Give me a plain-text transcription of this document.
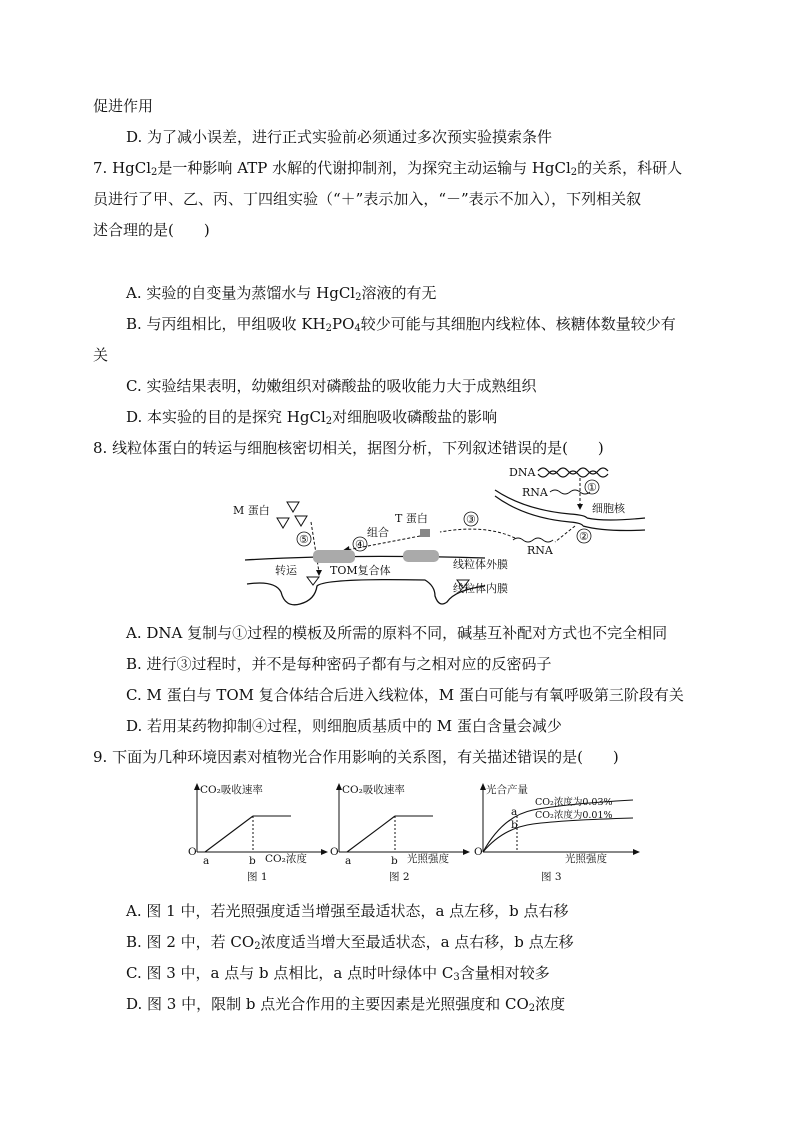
促进作用
D. 为了减小误差，进行正式实验前必须通过多次预实验摸索条件
7. HgCl$_2$是一种影响 ATP 水解的代谢抑制剂，为探究主动运输与 HgCl$_2$的关系，科研人
员进行了甲、乙、丙、丁四组实验（“＋”表示加入，“－”表示不加入），下列相关叙
述合理的是(　　)
A. 实验的自变量为蒸馏水与 HgCl$_2$溶液的有无
B. 与丙组相比，甲组吸收 $KH_2PO_4$较少可能与其细胞内线粒体、核糖体数量较少有
关
C. 实验结果表明，幼嫩组织对磷酸盐的吸收能力大于成熟组织
D. 本实验的目的是探究 HgCl$_2$对细胞吸收磷酸盐的影响
8. 线粒体蛋白的转运与细胞核密切相关，据图分析，下列叙述错误的是(　　)
DNA
RNA	①
细胞核
②
RNA
③
T 蛋白
组合
④
M 蛋白
⑤
线粒体外膜
转运	TOM复合体
线粒体内膜
A. DNA 复制与①过程的模板及所需的原料不同，碱基互补配对方式也不完全相同
B. 进行③过程时，并不是每种密码子都有与之相对应的反密码子
C. M 蛋白与 TOM 复合体结合后进入线粒体，M 蛋白可能与有氧呼吸第三阶段有关
D. 若用某药物抑制④过程，则细胞质基质中的 M 蛋白含量会减少
9. 下面为几种环境因素对植物光合作用影响的关系图，有关描述错误的是(　　)
CO₂吸收速率
O
a	b CO₂浓度
图 1
CO₂吸收速率
O
a	b 光照强度
图 2
光合产量
O
a
b
CO₂浓度为0.03%
CO₂浓度为0.01%
光照强度
图 3
A. 图 1 中，若光照强度适当增强至最适状态，a 点左移，b 点右移
B. 图 2 中，若 $CO_2$浓度适当增大至最适状态，a 点右移，b 点左移
C. 图 3 中，a 点与 b 点相比，a 点时叶绿体中 $C_3$含量相对较多
D. 图 3 中，限制 b 点光合作用的主要因素是光照强度和 $CO_2$浓度
